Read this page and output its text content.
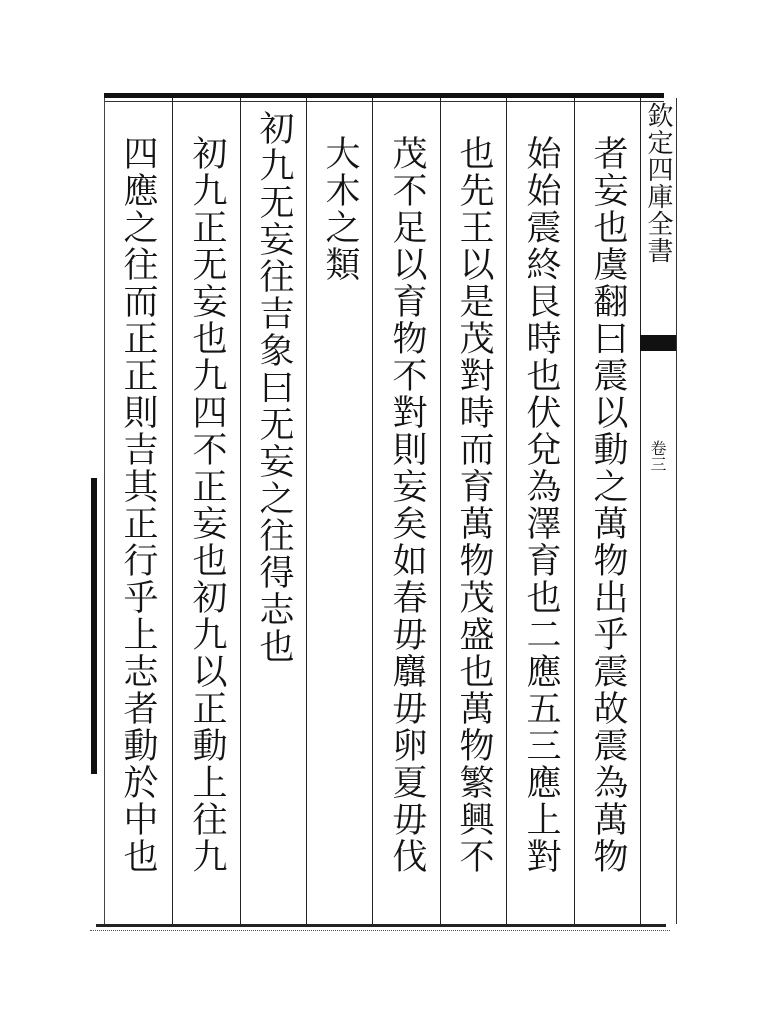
欽定四庫全書
卷三
者妄也虞翻曰震以動之萬物出乎震故震為萬物
始始震終艮時也伏兌為澤育也二應五三應上對
也先王以是茂對時而育萬物茂盛也萬物繁興不
茂不足以育物不對則妄矣如春毋麛毋卵夏毋伐
大木之類
初九无妄往吉象曰无妄之往得志也
初九正无妄也九四不正妄也初九以正動上往九
四應之往而正正則吉其正行乎上志者動於中也
